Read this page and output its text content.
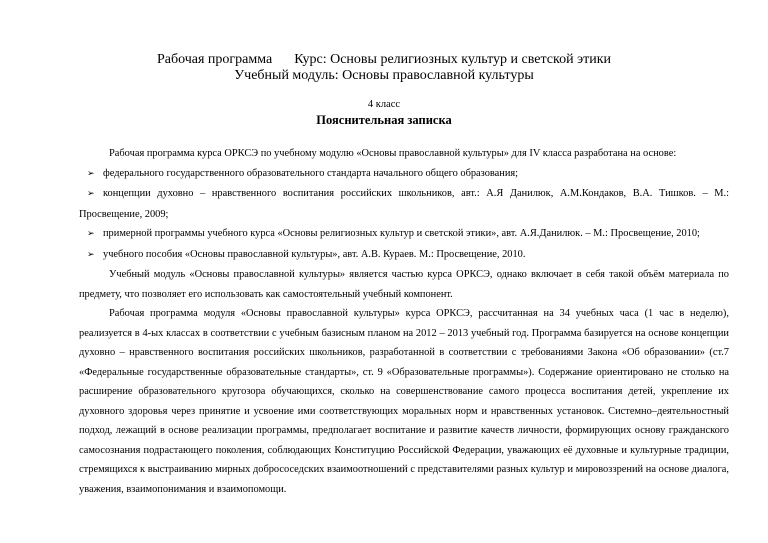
Рабочая программа Курс: Основы религиозных культур и светской этики
Учебный модуль: Основы православной культуры
4 класс
Пояснительная записка

Рабочая программа курса ОРКСЭ по учебному модулю «Основы православной культуры» для IV класса разработана на основе:

➢ федерального государственного образовательного стандарта начального общего образования;

➢ концепции духовно – нравственного воспитания российских школьников, авт.: А.Я Данилюк, А.М.Кондаков, В.А. Тишков. – М.: Просвещение, 2009;

➢ примерной программы учебного курса «Основы религиозных культур и светской этики», авт. А.Я.Данилюк. – М.: Просвещение, 2010;

➢ учебного пособия «Основы православной культуры», авт. А.В. Кураев. М.: Просвещение, 2010.

Учебный модуль «Основы православной культуры» является частью курса ОРКСЭ, однако включает в себя такой объём материала по предмету, что позволяет его использовать как самостоятельный учебный компонент.

Рабочая программа модуля «Основы православной культуры» курса ОРКСЭ, рассчитанная на 34 учебных часа (1 час в неделю), реализуется в 4-ых классах в соответствии с учебным базисным планом на 2012 – 2013 учебный год. Программа базируется на основе концепции духовно – нравственного воспитания российских школьников, разработанной в соответствии с требованиями Закона «Об образовании» (ст.7 «Федеральные государственные образовательные стандарты», ст. 9 «Образовательные программы»). Содержание ориентировано не столько на расширение образовательного кругозора обучающихся, сколько на совершенствование самого процесса воспитания детей, укрепление их духовного здоровья через принятие и усвоение ими соответствующих моральных норм и нравственных установок. Системно–деятельностный подход, лежащий в основе реализации программы, предполагает воспитание и развитие качеств личности, формирующих основу гражданского самосознания подрастающего поколения, соблюдающих Конституцию Российской Федерации, уважающих её духовные и культурные традиции, стремящихся к выстраиванию мирных добрососедских взаимоотношений с представителями разных культур и мировоззрений на основе диалога, уважения, взаимопонимания и взаимопомощи.
